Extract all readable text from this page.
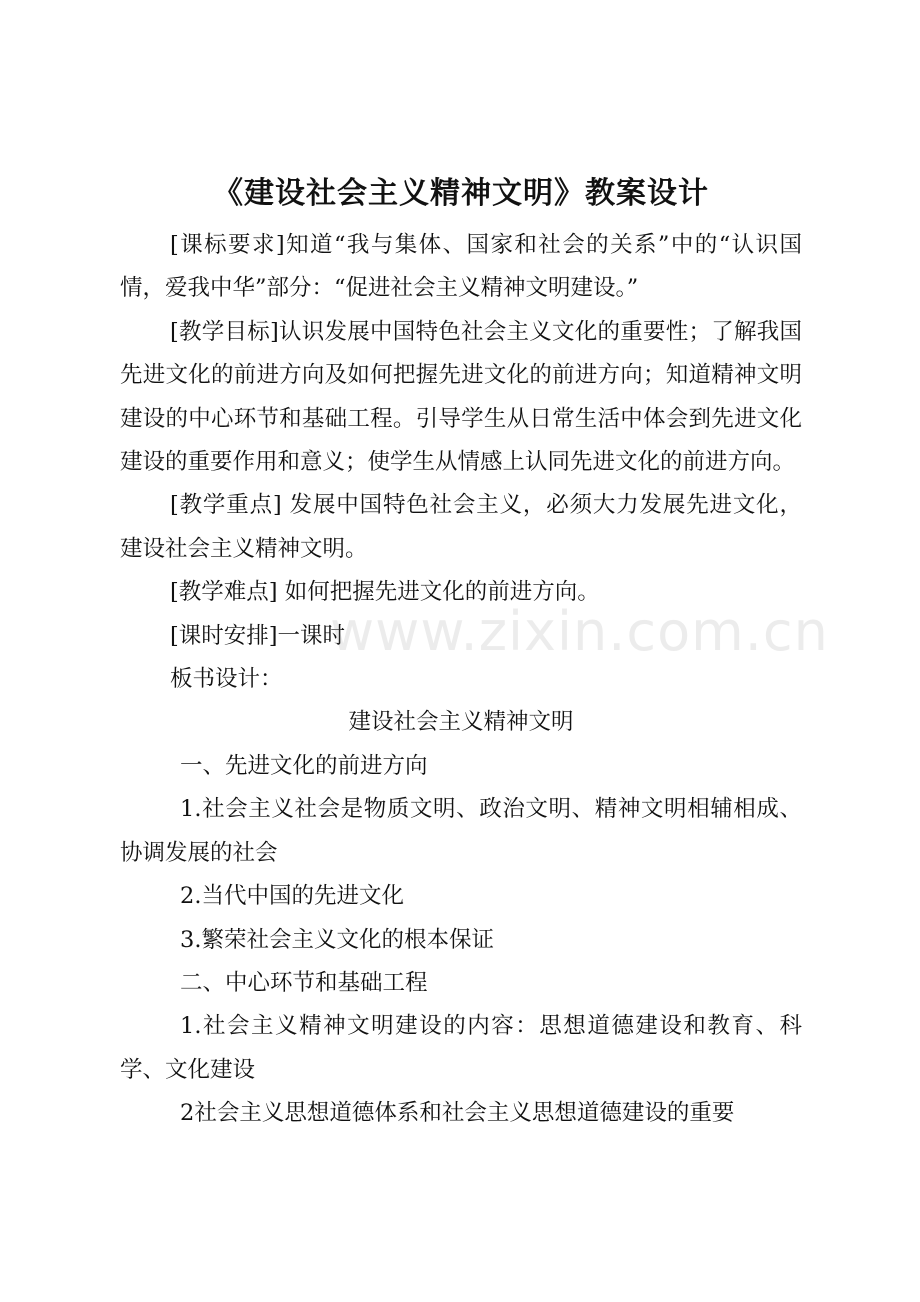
《建设社会主义精神文明》教案设计

[课标要求]知道“我与集体、国家和社会的关系”中的“认识国情，爱我中华”部分：“促进社会主义精神文明建设。”

[教学目标]认识发展中国特色社会主义文化的重要性；了解我国先进文化的前进方向及如何把握先进文化的前进方向；知道精神文明建设的中心环节和基础工程。引导学生从日常生活中体会到先进文化建设的重要作用和意义；使学生从情感上认同先进文化的前进方向。

[教学重点] 发展中国特色社会主义，必须大力发展先进文化，建设社会主义精神文明。

[教学难点] 如何把握先进文化的前进方向。

[课时安排]一课时

板书设计：

建设社会主义精神文明

一、先进文化的前进方向

1.社会主义社会是物质文明、政治文明、精神文明相辅相成、协调发展的社会

2.当代中国的先进文化

3.繁荣社会主义文化的根本保证

二、中心环节和基础工程

1.社会主义精神文明建设的内容：思想道德建设和教育、科学、文化建设

2社会主义思想道德体系和社会主义思想道德建设的重要

www.zixin.com.cn
